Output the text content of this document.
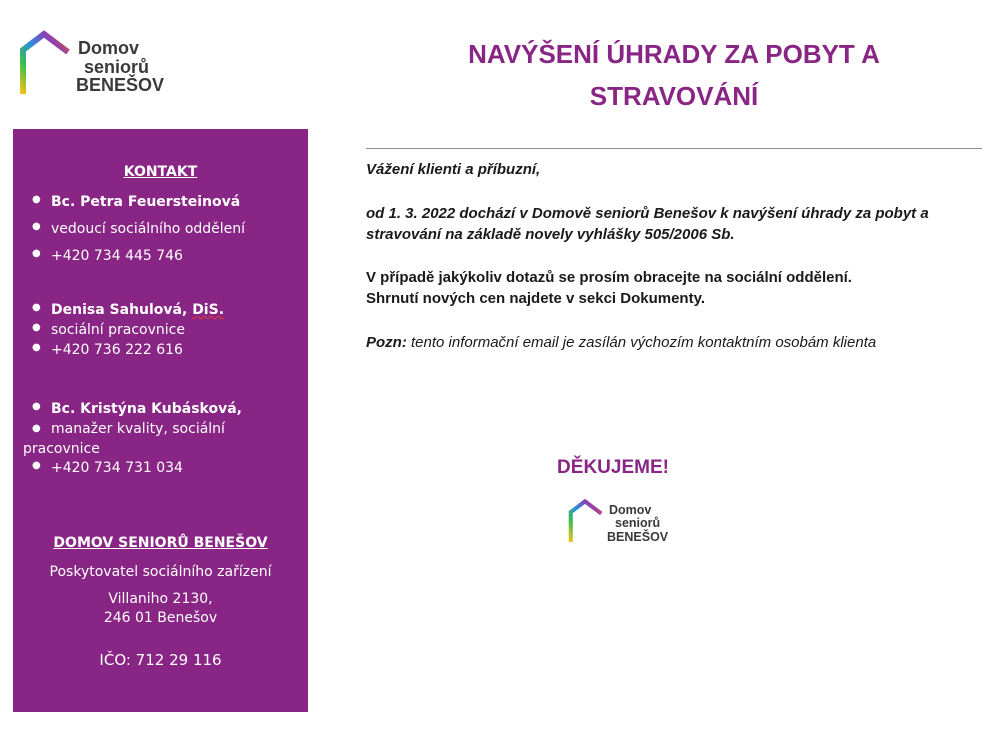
Domov
seniorů
BENEŠOV
KONTAKT
● Bc. Petra Feuersteinová
● vedoucí sociálního oddělení
● +420 734 445 746
● Denisa Sahulová, DiS.
● sociální pracovnice
● +420 736 222 616
● Bc. Kristýna Kubásková,
● manažer kvality, sociální
pracovnice
● +420 734 731 034
DOMOV SENIORŮ BENEŠOV
Poskytovatel sociálního zařízení
Villaniho 2130,
246 01 Benešov
IČO: 712 29 116
NAVÝŠENÍ ÚHRADY ZA POBYT A
STRAVOVÁNÍ
Vážení klienti a příbuzní,
od 1. 3. 2022 dochází v Domově seniorů Benešov k navýšení úhrady za pobyt a stravování na základě novely vyhlášky 505/2006 Sb.
V případě jakýkoliv dotazů se prosím obracejte na sociální oddělení.
Shrnutí nových cen najdete v sekci Dokumenty.
Pozn: tento informační email je zasílán výchozím kontaktním osobám klienta
DĚKUJEME!
Domov
seniorů
BENEŠOV
